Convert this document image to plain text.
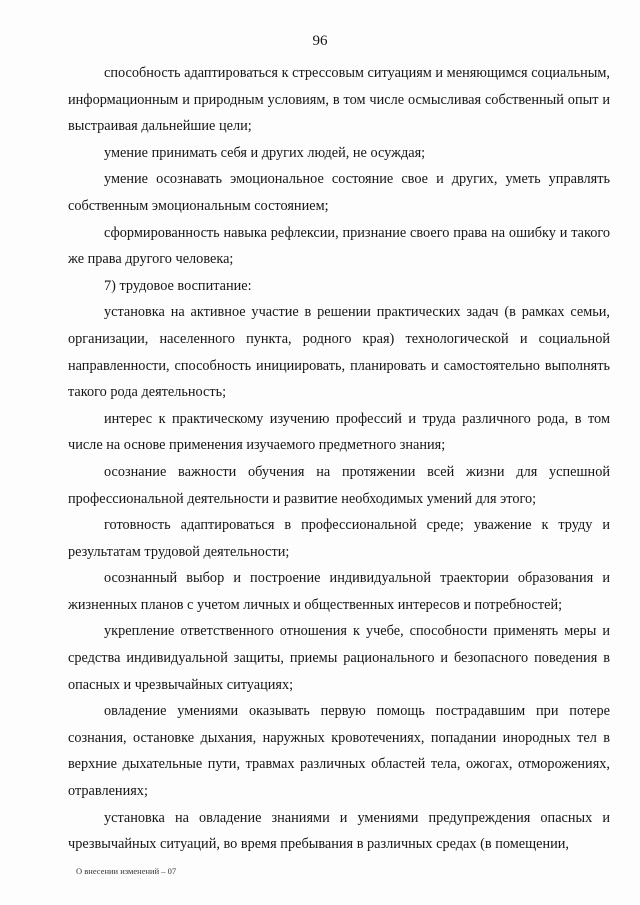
96

способность адаптироваться к стрессовым ситуациям и меняющимся социальным, информационным и природным условиям, в том числе осмысливая собственный опыт и выстраивая дальнейшие цели;

умение принимать себя и других людей, не осуждая;

умение осознавать эмоциональное состояние свое и других, уметь управлять собственным эмоциональным состоянием;

сформированность навыка рефлексии, признание своего права на ошибку и такого же права другого человека;

7) трудовое воспитание:

установка на активное участие в решении практических задач (в рамках семьи, организации, населенного пункта, родного края) технологической и социальной направленности, способность инициировать, планировать и самостоятельно выполнять такого рода деятельность;

интерес к практическому изучению профессий и труда различного рода, в том числе на основе применения изучаемого предметного знания;

осознание важности обучения на протяжении всей жизни для успешной профессиональной деятельности и развитие необходимых умений для этого;

готовность адаптироваться в профессиональной среде; уважение к труду и результатам трудовой деятельности;

осознанный выбор и построение индивидуальной траектории образования и жизненных планов с учетом личных и общественных интересов и потребностей;

укрепление ответственного отношения к учебе, способности применять меры и средства индивидуальной защиты, приемы рационального и безопасного поведения в опасных и чрезвычайных ситуациях;

овладение умениями оказывать первую помощь пострадавшим при потере сознания, остановке дыхания, наружных кровотечениях, попадании инородных тел в верхние дыхательные пути, травмах различных областей тела, ожогах, отморожениях, отравлениях;

установка на овладение знаниями и умениями предупреждения опасных и чрезвычайных ситуаций, во время пребывания в различных средах (в помещении,

О внесении изменений – 07
